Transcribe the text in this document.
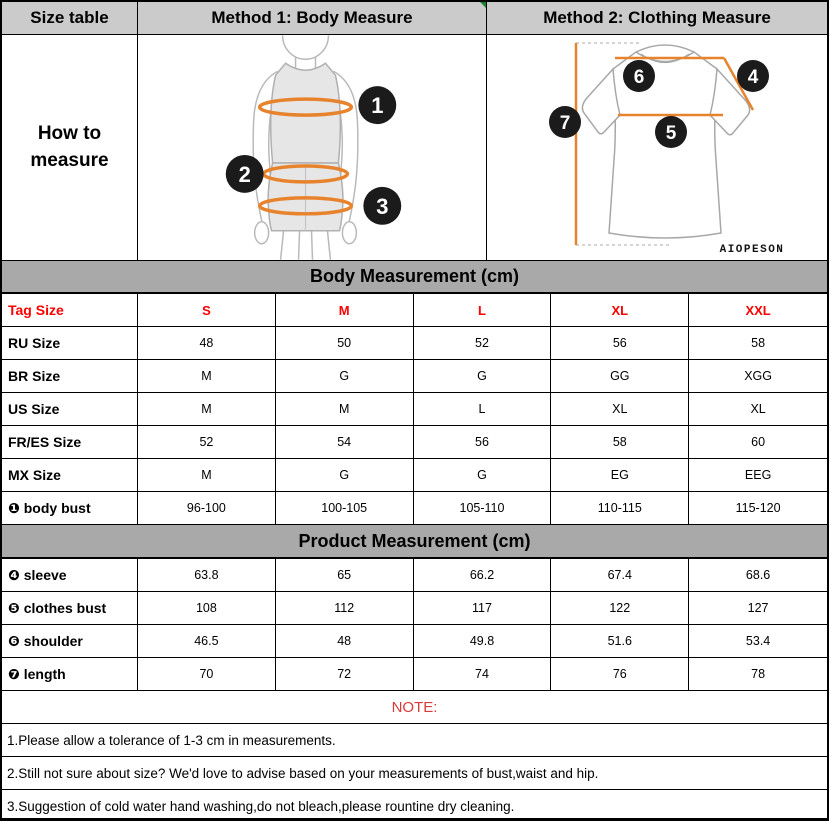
Size table	Method 1: Body Measure	Method 2: Clothing Measure
How to measure
1
2
3
6	4
7	5
AIOPESON
Body Measurement (cm)
Tag Size	S	M	L	XL	XXL
RU Size	48	50	52	56	58
BR Size	M	G	G	GG	XGG
US Size	M	M	L	XL	XL
FR/ES Size	52	54	56	58	60
MX Size	M	G	G	EG	EEG
❶ body bust	96-100	100-105	105-110	110-115	115-120
Product Measurement (cm)
❹ sleeve	63.8	65	66.2	67.4	68.6
❺ clothes bust	108	112	117	122	127
❻ shoulder	46.5	48	49.8	51.6	53.4
❼ length	70	72	74	76	78
NOTE:
1.Please allow a tolerance of 1-3 cm in measurements.
2.Still not sure about size? We'd love to advise based on your measurements of bust,waist and hip.
3.Suggestion of cold water hand washing,do not bleach,please rountine dry cleaning.
